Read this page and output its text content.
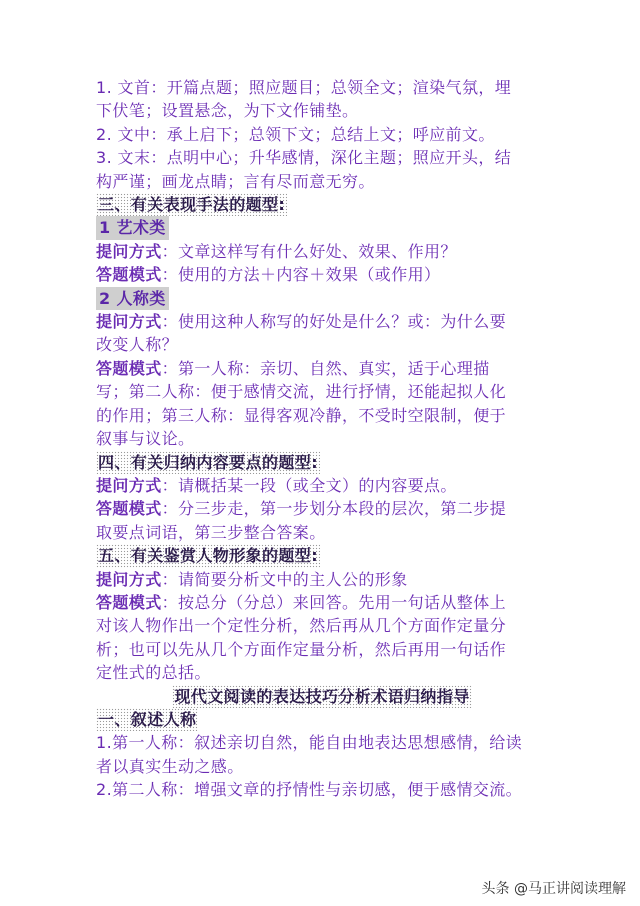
1. 文首：开篇点题；照应题目；总领全文；渲染气氛，埋
下伏笔；设置悬念，为下文作铺垫。
2. 文中：承上启下；总领下文；总结上文；呼应前文。
3. 文末：点明中心；升华感情，深化主题；照应开头，结
构严谨；画龙点睛；言有尽而意无穷。
三、有关表现手法的题型:
1 艺术类
提问方式：文章这样写有什么好处、效果、作用？
答题模式：使用的方法＋内容＋效果（或作用）
2 人称类
提问方式：使用这种人称写的好处是什么？或：为什么要
改变人称？
答题模式：第一人称：亲切、自然、真实，适于心理描
写；第二人称：便于感情交流，进行抒情，还能起拟人化
的作用；第三人称：显得客观冷静，不受时空限制，便于
叙事与议论。
四、有关归纳内容要点的题型:
提问方式：请概括某一段（或全文）的内容要点。
答题模式：分三步走，第一步划分本段的层次，第二步提
取要点词语，第三步整合答案。
五、有关鉴赏人物形象的题型:
提问方式：请简要分析文中的主人公的形象
答题模式：按总分（分总）来回答。先用一句话从整体上
对该人物作出一个定性分析，然后再从几个方面作定量分
析；也可以先从几个方面作定量分析，然后再用一句话作
定性式的总括。
现代文阅读的表达技巧分析术语归纳指导
一、叙述人称
1.第一人称：叙述亲切自然，能自由地表达思想感情，给读
者以真实生动之感。
2.第二人称：增强文章的抒情性与亲切感，便于感情交流。
头条 @马正讲阅读理解
